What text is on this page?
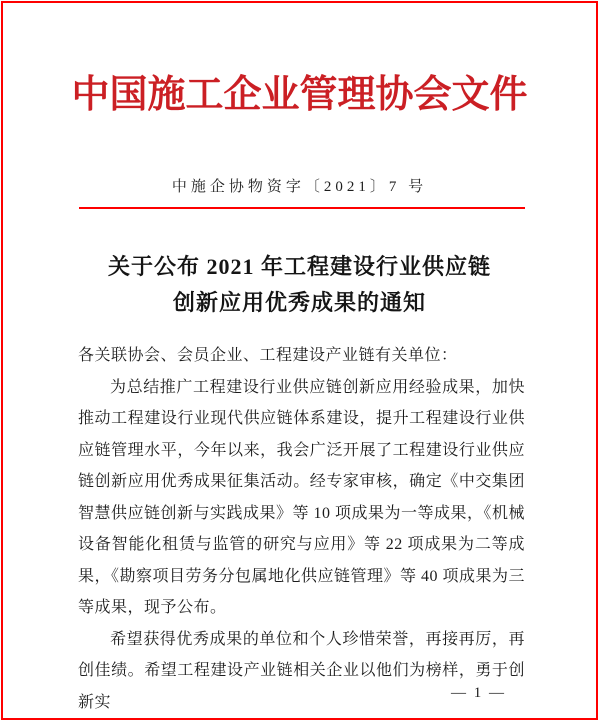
中国施工企业管理协会文件
中施企协物资字〔2021〕7 号
关于公布 2021 年工程建设行业供应链
创新应用优秀成果的通知

各关联协会、会员企业、工程建设产业链有关单位：

为总结推广工程建设行业供应链创新应用经验成果，加快推动工程建设行业现代供应链体系建设，提升工程建设行业供应链管理水平，今年以来，我会广泛开展了工程建设行业供应链创新应用优秀成果征集活动。经专家审核，确定《中交集团智慧供应链创新与实践成果》等 10 项成果为一等成果，《机械设备智能化租赁与监管的研究与应用》等 22 项成果为二等成果，《勘察项目劳务分包属地化供应链管理》等 40 项成果为三等成果，现予公布。

希望获得优秀成果的单位和个人珍惜荣誉，再接再厉，再创佳绩。希望工程建设产业链相关企业以他们为榜样，勇于创新实

— 1 —
